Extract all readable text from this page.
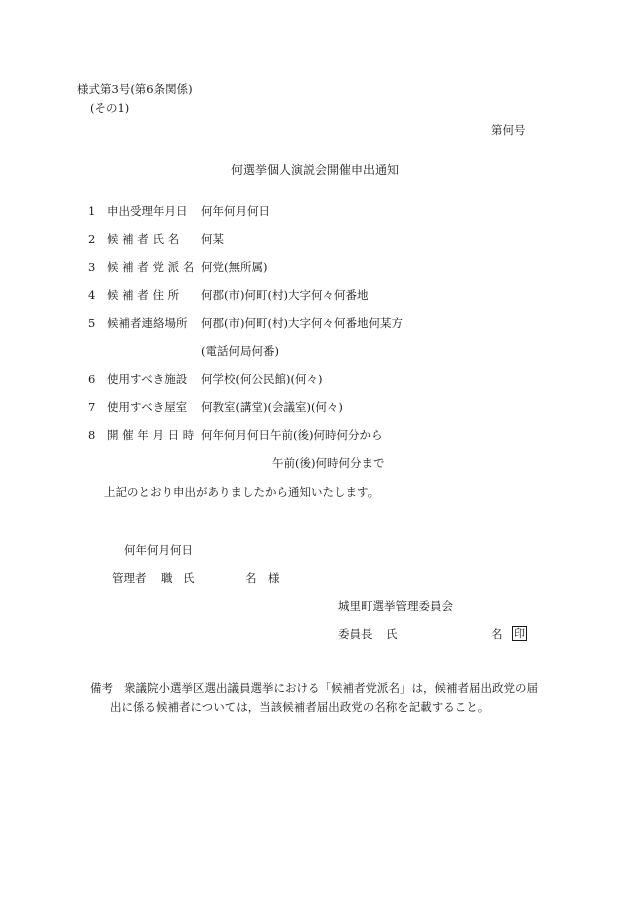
様式第3号(第6条関係)
(その1)
第何号
何選挙個人演説会開催申出通知
1 申出受理年月日 何年何月何日
2 候 補 者 氏 名 何某
3 候 補 者 党 派 名 何党(無所属)
4 候 補 者 住 所 何郡(市)何町(村)大字何々何番地
5 候補者連絡場所 何郡(市)何町(村)大字何々何番地何某方
(電話何局何番)
6 使用すべき施設 何学校(何公民館)(何々)
7 使用すべき屋室 何教室(講堂)(会議室)(何々)
8 開 催 年 月 日 時 何年何月何日午前(後)何時何分から
午前(後)何時何分まで
上記のとおり申出がありましたから通知いたします。
何年何月何日
管理者 職 氏	名 様
城里町選挙管理委員会
委員長 氏	名 印
備考 衆議院小選挙区選出議員選挙における「候補者党派名」は，候補者届出政党の届
出に係る候補者については，当該候補者届出政党の名称を記載すること。
